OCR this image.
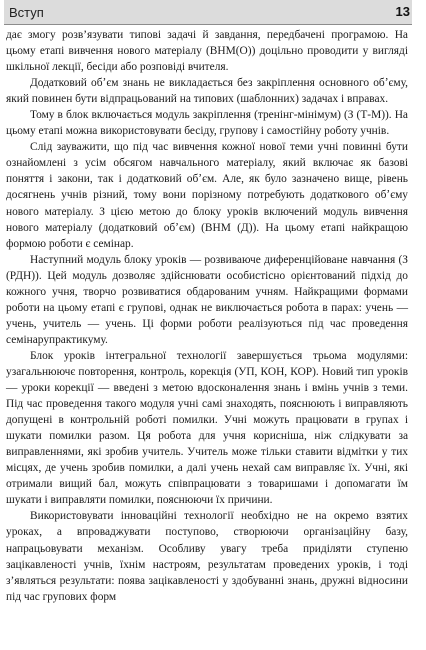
Вступ	13

дає змогу розв’язувати типові задачі й завдання, передбачені програмою. На цьому етапі вивчення нового матеріалу (ВНМ(О)) доцільно проводити у вигляді шкільної лекції, бесіди або розповіді вчителя.

Додатковий обʼєм знань не викладається без закріплення основного обʼєму, який повинен бути відпрацьований на типових (шаблонних) задачах і вправах.

Тому в блок включається модуль закріплення (тренінг-мінімум) (З (Т-М)). На цьому етапі можна використовувати бесіду, групову і самостійну роботу учнів.

Слід зауважити, що під час вивчення кожної нової теми учні повинні бути ознайомлені з усім обсягом навчального матеріалу, який включає як базові поняття і закони, так і додатковий обʼєм. Але, як було зазначено вище, рівень досягнень учнів різний, тому вони порізному потребують додаткового обʼєму нового матеріалу. З цією метою до блоку уроків включений модуль вивчення нового матеріалу (додатковий обʼєм) (ВНМ (Д)). На цьому етапі найкращою формою роботи є семінар.

Наступний модуль блоку уроків — розвиваюче диференційоване навчання (З (РДН)). Цей модуль дозволяє здійснювати особистісно орієнтований підхід до кожного учня, творчо розвиватися обдарованим учням. Найкращими формами роботи на цьому етапі є групові, однак не виключається робота в парах: учень — учень, учитель — учень. Ці форми роботи реалізуються під час проведення семінарупрактикуму.

Блок уроків інтегральної технології завершується трьома модулями: узагальнюючє повторення, контроль, корекція (УП, КОН, КОР). Новий тип уроків — уроки корекції — введені з метою вдосконалення знань і вмінь учнів з теми. Під час проведення такого модуля учні самі знаходять, пояснюють і виправляють допущені в контрольній роботі помилки. Учні можуть працювати в групах і шукати помилки разом. Ця робота для учня кориснішa, ніж слідкувати за виправленнями, які зробив учитель. Учитель може тільки ставити відмітки у тих місцях, де учень зробив помилки, а далі учень нехай сам виправляє їх. Учні, які отримали вищий бал, можуть співпрацювати з товаришами і допомагати їм шукати і виправляти помилки, пояснюючи їх причини.

Використовувати інноваційні технології необхідно не на окремо взятих уроках, а впроваджувати поступово, створюючи організаційну базу, напрацьовувати механізм. Особливу увагу треба приділяти ступеню зацікавленості учнів, їхнім настроям, результатам проведених уроків, і тоді з’являться результати: поява зацікавленості у здобуванні знань, дружні відносини під час групових форм
